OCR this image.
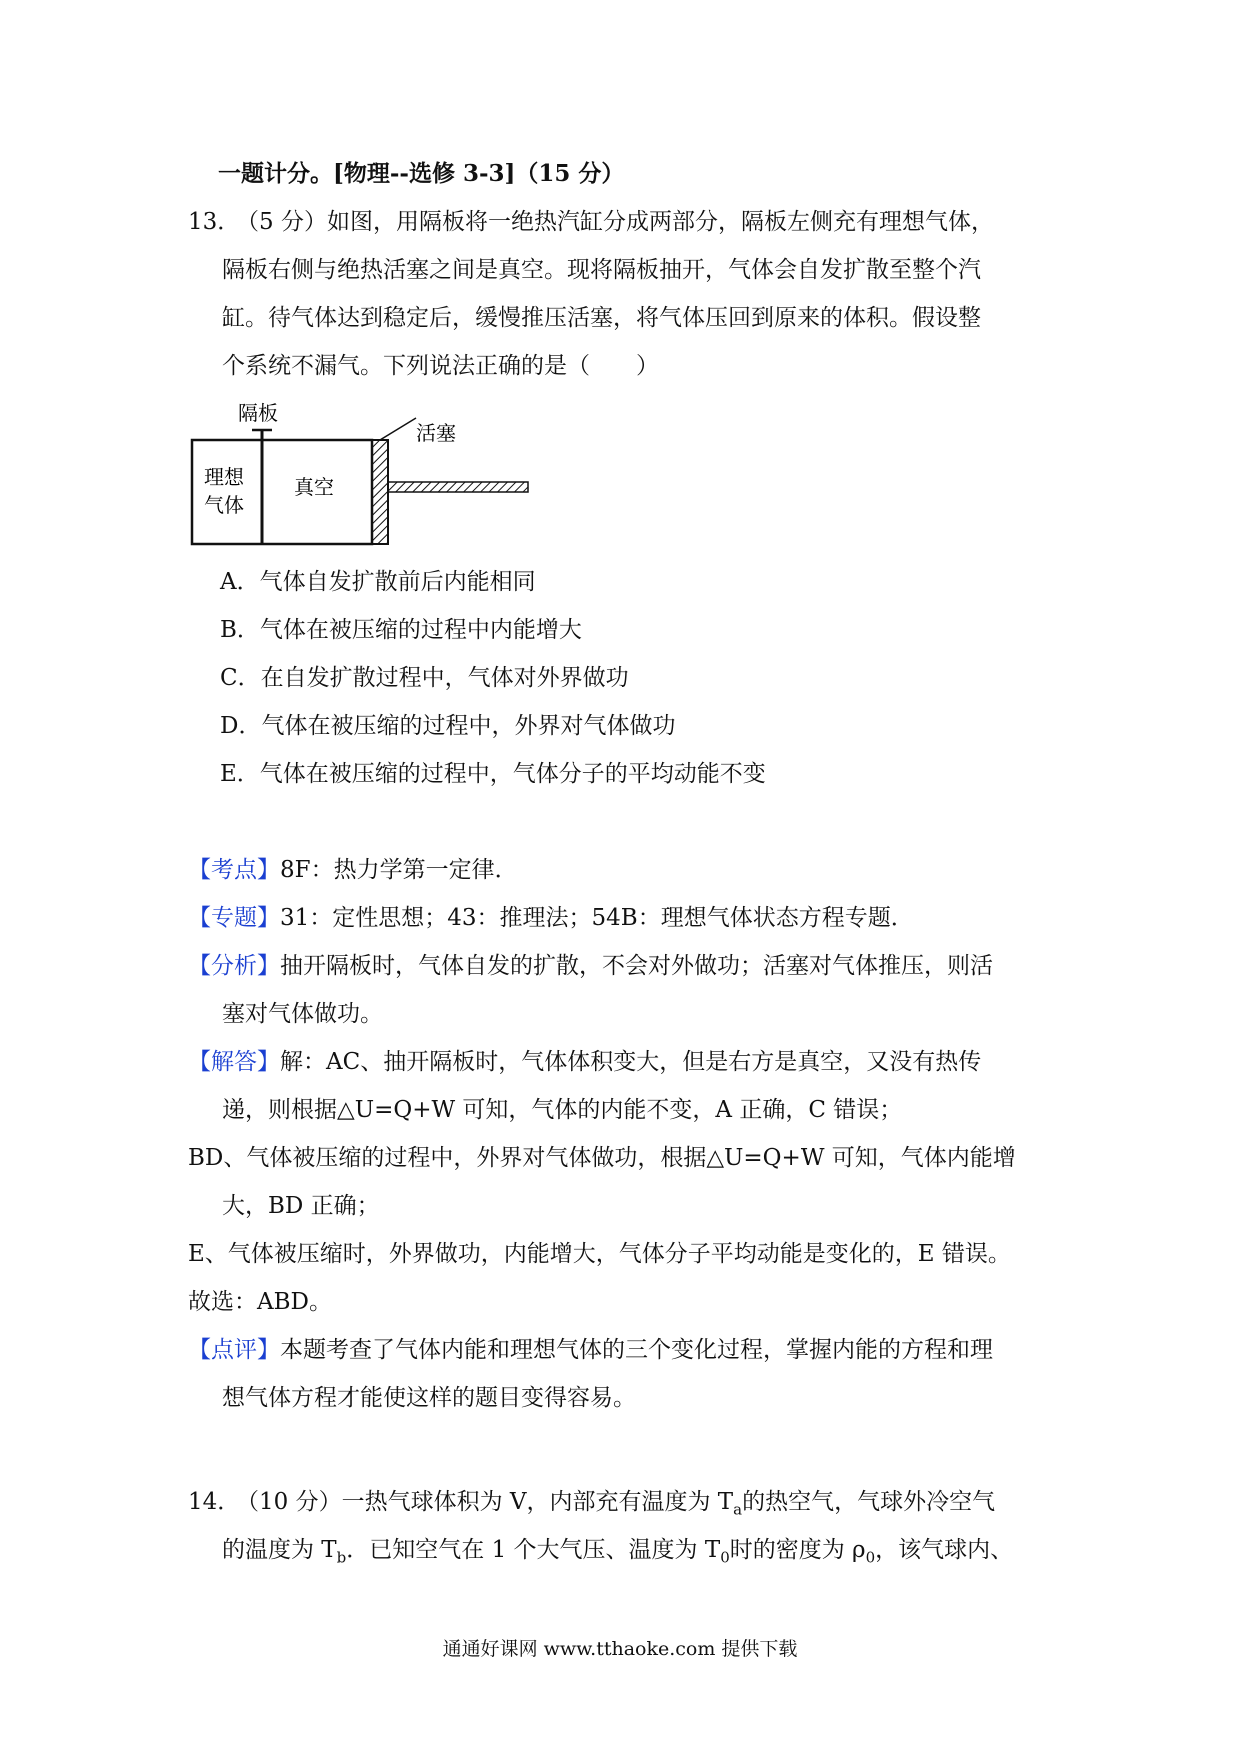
一题计分。[物理--选修 3-3]（15 分）
13．
（5 分）如图，用隔板将一绝热汽缸分成两部分，隔板左侧充有理想气体，
隔板右侧与绝热活塞之间是真空。现将隔板抽开，气体会自发扩散至整个汽
缸。待气体达到稳定后，缓慢推压活塞，将气体压回到原来的体积。假设整
个系统不漏气。下列说法正确的是（　　）
隔板
活塞
理想
气体
真空
A．气体自发扩散前后内能相同
B．气体在被压缩的过程中内能增大
C．在自发扩散过程中，气体对外界做功
D．气体在被压缩的过程中，外界对气体做功
E．气体在被压缩的过程中，气体分子的平均动能不变
【考点】8F：热力学第一定律．
【专题】31：定性思想；43：推理法；54B：理想气体状态方程专题．
【分析】抽开隔板时，气体自发的扩散，不会对外做功；活塞对气体推压，则活
塞对气体做功。
【解答】解：AC、抽开隔板时，气体体积变大，但是右方是真空，又没有热传
递，则根据△U=Q+W 可知，气体的内能不变，A 正确，C 错误；
BD、气体被压缩的过程中，外界对气体做功，根据△U=Q+W 可知，气体内能增
大，BD 正确；
E、气体被压缩时，外界做功，内能增大，气体分子平均动能是变化的，E 错误。
故选：ABD。
【点评】本题考查了气体内能和理想气体的三个变化过程，掌握内能的方程和理
想气体方程才能使这样的题目变得容易。
14．
（10 分）一热气球体积为 V，内部充有温度为 $T_a$的热空气，气球外冷空气
的温度为 $T_b$．已知空气在 1 个大气压、温度为 $T_0$时的密度为 $\rho_0$，该气球内、
通通好课网 www.tthaoke.com 提供下载
